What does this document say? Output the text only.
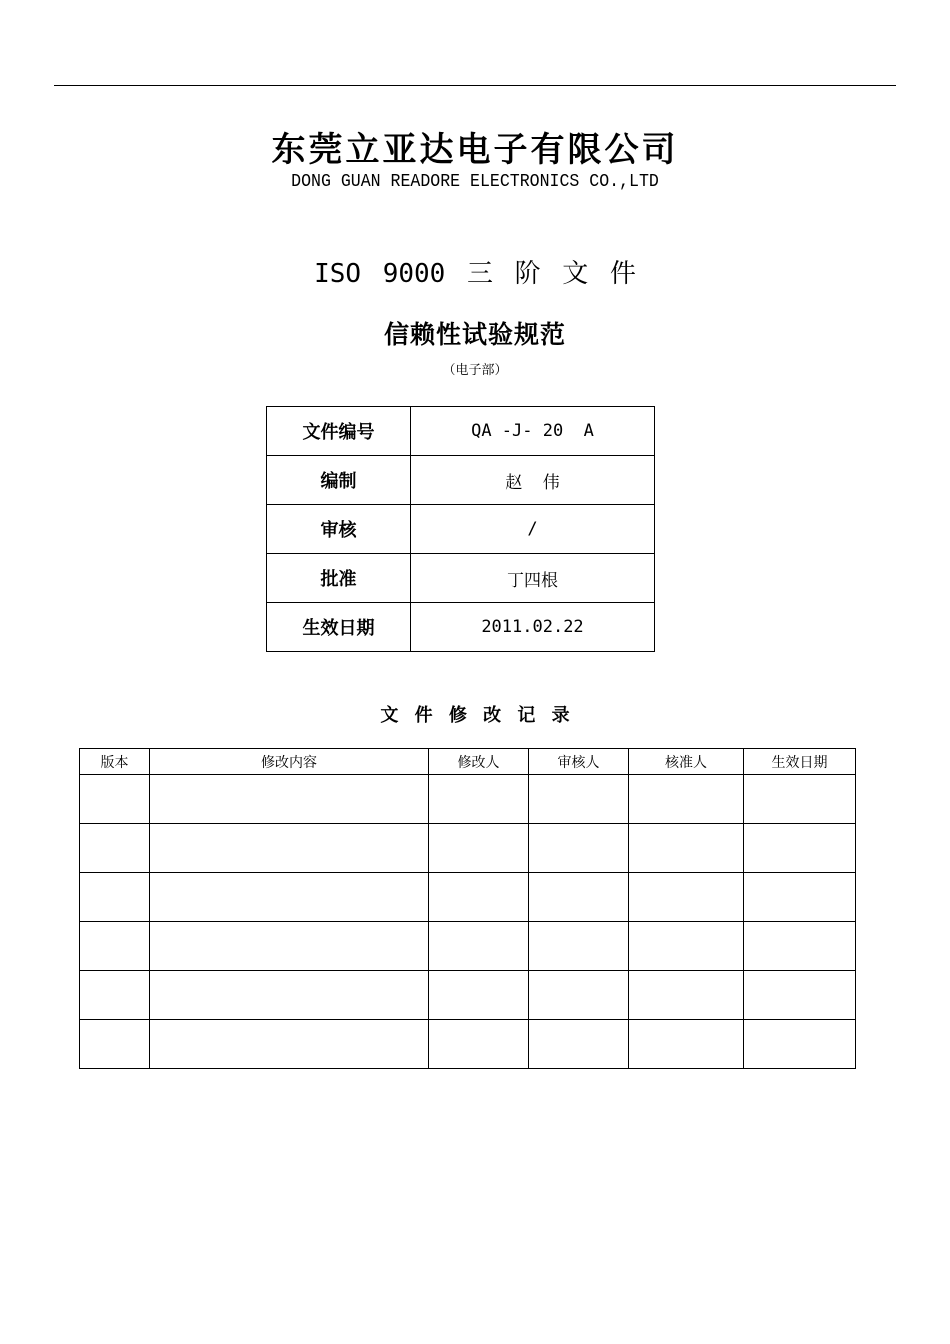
东莞立亚达电子有限公司
DONG GUAN READORE ELECTRONICS CO.,LTD
ISO 9000 三 阶 文 件
信赖性试验规范
（电子部）
文件编号	QA -J- 20  A
编制	赵  伟
审核	/
批准	丁四根
生效日期	2011.02.22
文 件 修 改 记 录
版本	修改内容	修改人	审核人	核准人	生效日期
